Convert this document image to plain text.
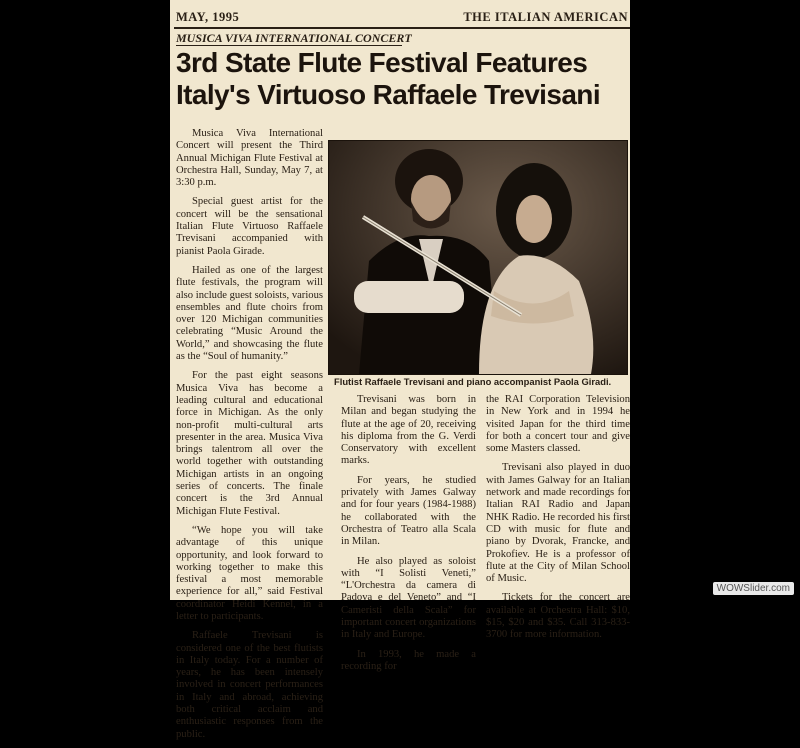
MAY, 1995	THE ITALIAN AMERICAN
MUSICA VIVA INTERNATIONAL CONCERT
3rd State Flute Festival Features
Italy's Virtuoso Raffaele Trevisani

Musica Viva International Concert will present the Third Annual Michigan Flute Festival at Orchestra Hall, Sunday, May 7, at 3:30 p.m.

Special guest artist for the concert will be the sensational Italian Flute Virtuoso Raffaele Trevisani accompanied with pianist Paola Girade.

Hailed as one of the largest flute festivals, the program will also include guest soloists, various ensembles and flute choirs from over 120 Michigan communities celebrating “Music Around the World,” and showcasing the flute as the “Soul of humanity.”

For the past eight seasons Musica Viva has become a leading cultural and educational force in Michigan. As the only non-profit multi-cultural arts presenter in the area. Musica Viva brings talentrom all over the world together with outstanding Michigan artists in an ongoing series of concerts. The finale concert is the 3rd Annual Michigan Flute Festival.

“We hope you will take advantage of this unique opportunity, and look forward to working together to make this festival a most memorable experience for all,” said Festival coordinator Heidi Kennel, in a letter to participants.

Raffaele Trevisani is considered one of the best flutists in Italy today. For a number of years, he has been intensely involved in concert performances in Italy and abroad, achieving both critical acclaim and enthusiastic responses from the public.

Flutist Raffaele Trevisani and piano accompanist Paola Giradi.

Trevisani was born in Milan and began studying the flute at the age of 20, receiving his diploma from the G. Verdi Conservatory with excellent marks.

For years, he studied privately with James Galway and for four years (1984-1988) he collaborated with the Orchestra of Teatro alla Scala in Milan.

He also played as soloist with “I Solisti Veneti,” “L'Orchestra da camera di Padova e del Veneto” and “I Cameristi della Scala” for important concert organizations in Italy and Europe.

In 1993, he made a recording for

the RAI Corporation Television in New York and in 1994 he visited Japan for the third time for both a concert tour and give some Masters classed.

Trevisani also played in duo with James Galway for an Italian network and made recordings for Italian RAI Radio and Japan NHK Radio. He recorded his first CD with music for flute and piano by Dvorak, Francke, and Prokofiev. He is a professor of flute at the City of Milan School of Music.

Tickets for the concert are available at Orchestra Hall: $10, $15, $20 and $35. Call 313-833-3700 for more information.

WOWSlider.com
